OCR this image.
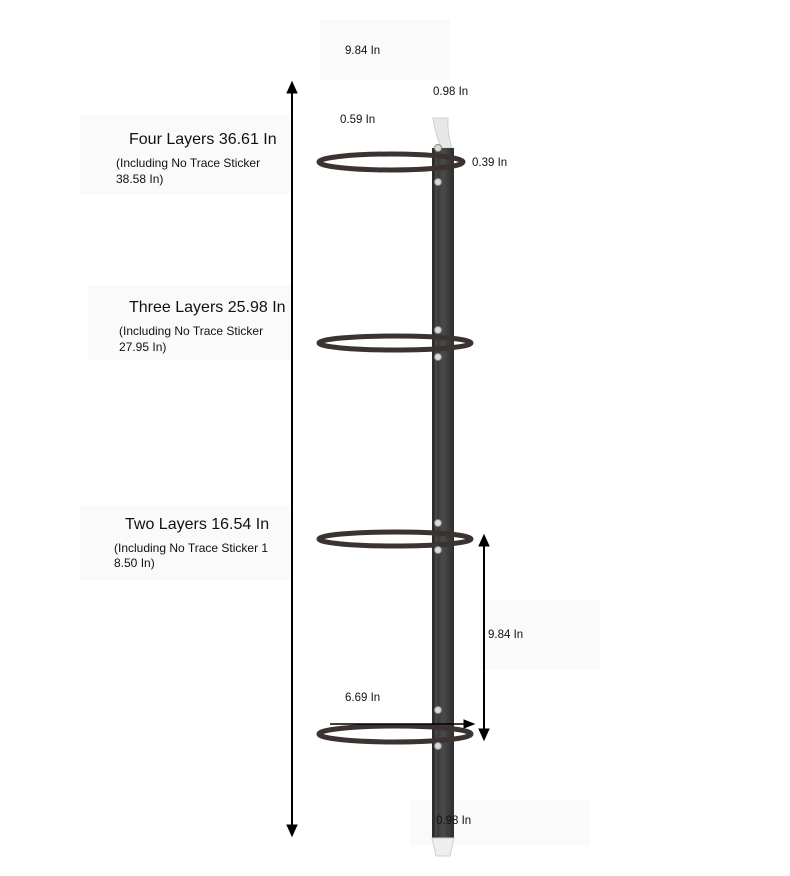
9.84 In
0.98 In
0.59 In
0.39 In
9.84 In
6.69 In
0.98 In
Four Layers 36.61 In
(Including No Trace Sticker
38.58 In)
Three Layers 25.98 In
(Including No Trace Sticker
27.95 In)
Two Layers 16.54 In
(Including No Trace Sticker 1
8.50 In)
